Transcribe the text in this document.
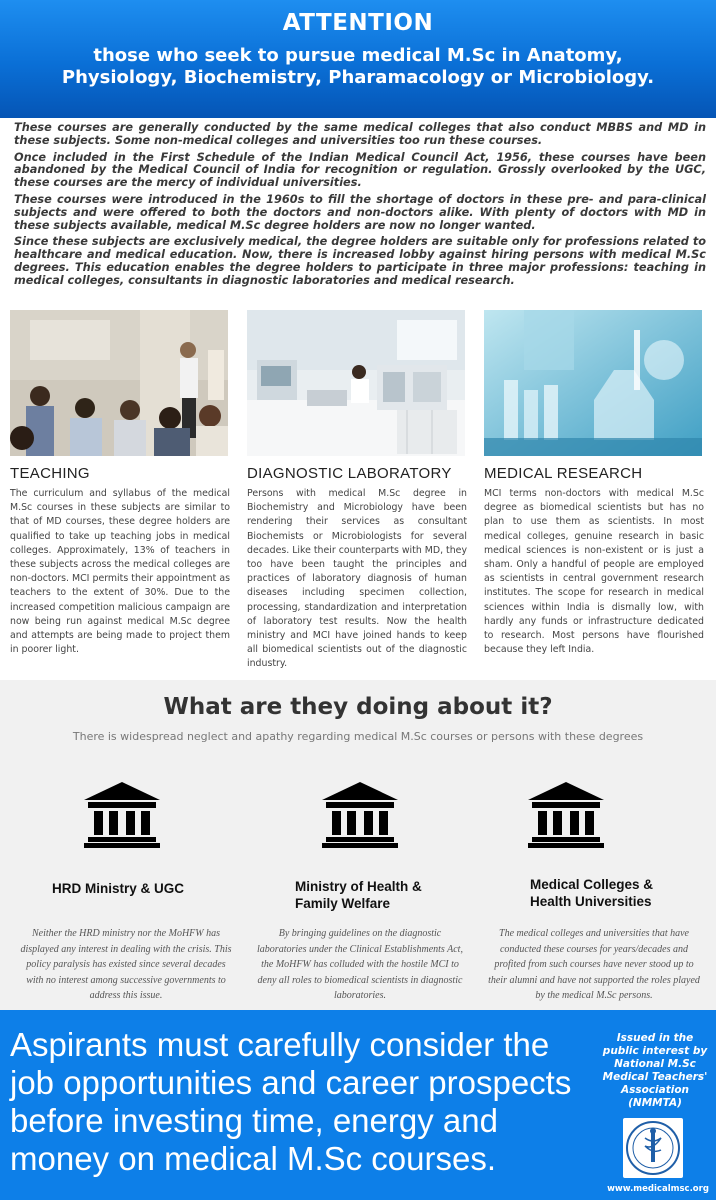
ATTENTION
those who seek to pursue medical M.Sc in Anatomy, Physiology, Biochemistry, Pharamacology or Microbiology.

These courses are generally conducted by the same medical colleges that also conduct MBBS and MD in these subjects. Some non-medical colleges and universities too run these courses.

Once included in the First Schedule of the Indian Medical Council Act, 1956, these courses have been abandoned by the Medical Council of India for recognition or regulation. Grossly overlooked by the UGC, these courses are the mercy of individual universities.

These courses were introduced in the 1960s to fill the shortage of doctors in these pre- and para-clinical subjects and were offered to both the doctors and non-doctors alike. With plenty of doctors with MD in these subjects available, medical M.Sc degree holders are now no longer wanted.

Since these subjects are exclusively medical, the degree holders are suitable only for professions related to healthcare and medical education. Now, there is increased lobby against hiring persons with medical M.Sc degrees. This education enables the degree holders to participate in three major professions: teaching in medical colleges, consultants in diagnostic laboratories and medical research.

TEACHING

The curriculum and syllabus of the medical M.Sc courses in these subjects are similar to that of MD courses, these degree holders are qualified to take up teaching jobs in medical colleges. Approximately, 13% of teachers in these subjects across the medical colleges are non-doctors. MCI permits their appointment as teachers to the extent of 30%. Due to the increased competition malicious campaign are now being run against medical M.Sc degree and attempts are being made to project them in poorer light.

DIAGNOSTIC LABORATORY

Persons with medical M.Sc degree in Biochemistry and Microbiology have been rendering their services as consultant Biochemists or Microbiologists for several decades. Like their counterparts with MD, they too have been taught the principles and practices of laboratory diagnosis of human diseases including specimen collection, processing, standardization and interpretation of laboratory test results. Now the health ministry and MCI have joined hands to keep all biomedical scientists out of the diagnostic industry.

MEDICAL RESEARCH

MCI terms non-doctors with medical M.Sc degree as biomedical scientists but has no plan to use them as scientists. In most medical colleges, genuine research in basic medical sciences is non-existent or is just a sham. Only a handful of people are employed as scientists in central government research institutes. The scope for research in medical sciences within India is dismally low, with hardly any funds or infrastructure dedicated to research. Most persons have flourished because they left India.

What are they doing about it?
There is widespread neglect and apathy regarding medical M.Sc courses or persons with these degrees
HRD Ministry & UGC	Ministry of Health & Family Welfare
Medical Colleges & Health Universities
Neither the HRD ministry nor the MoHFW has displayed any interest in dealing with the crisis. This policy paralysis has existed since several decades with no interest among successive governments to address this issue.
By bringing guidelines on the diagnostic laboratories under the Clinical Establishments Act, the MoHFW has colluded with the hostile MCI to deny all roles to biomedical scientists in diagnostic laboratories.
The medical colleges and universities that have conducted these courses for years/decades and profited from such courses have never stood up to their alumni and have not supported the roles played by the medical M.Sc persons.
Aspirants must carefully consider the job opportunities and career prospects before investing time, energy and money on medical M.Sc courses.
Issued in the public interest by National M.Sc Medical Teachers' Association (NMMTA)
www.medicalmsc.org
